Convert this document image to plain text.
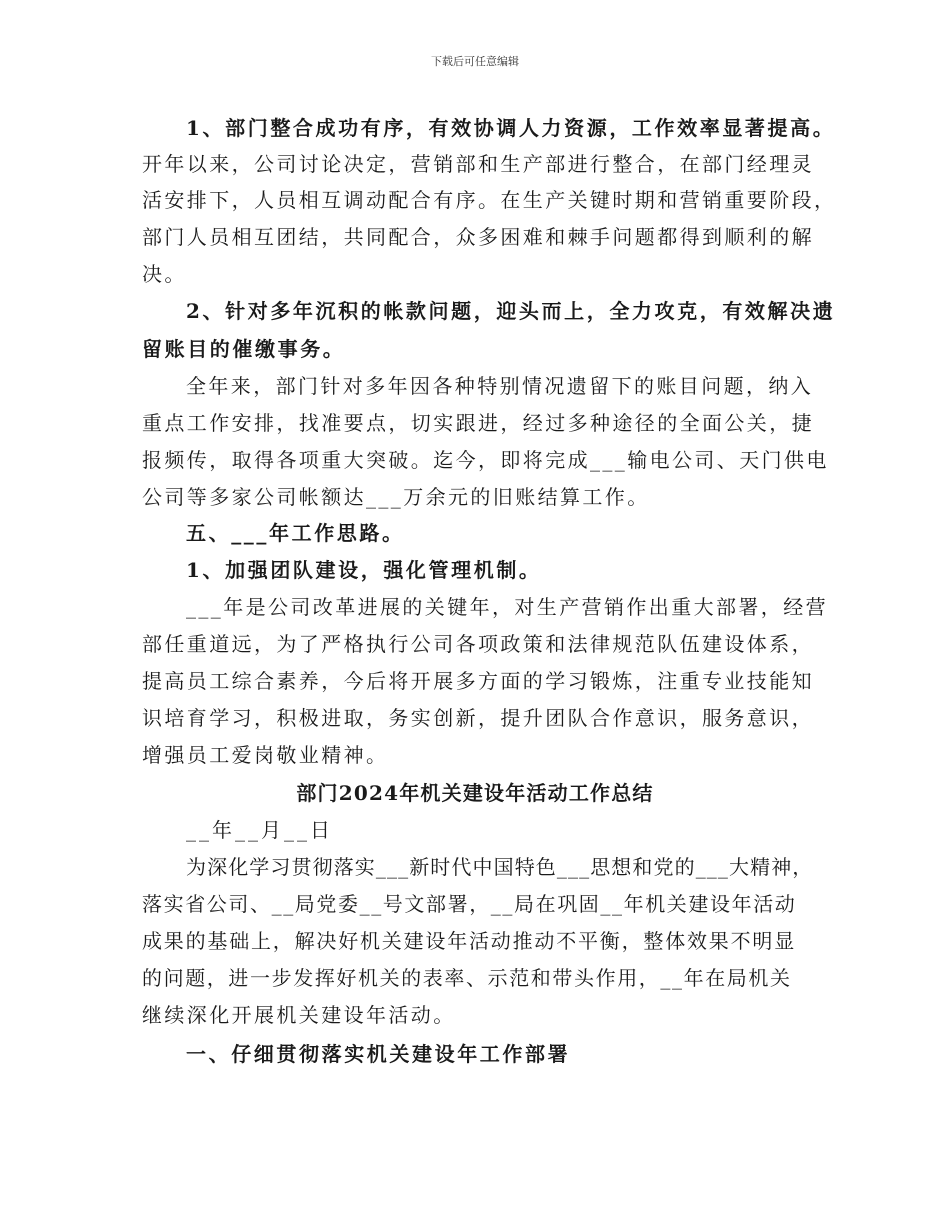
下载后可任意编辑
1、部门整合成功有序，有效协调人力资源，工作效率显著提高。
开年以来，公司讨论决定，营销部和生产部进行整合，在部门经理灵
活安排下，人员相互调动配合有序。在生产关键时期和营销重要阶段，
部门人员相互团结，共同配合，众多困难和棘手问题都得到顺利的解
决。
2、针对多年沉积的帐款问题，迎头而上，全力攻克，有效解决遗
留账目的催缴事务。
全年来，部门针对多年因各种特别情况遗留下的账目问题，纳入
重点工作安排，找准要点，切实跟进，经过多种途径的全面公关，捷
报频传，取得各项重大突破。迄今，即将完成___输电公司、天门供电
公司等多家公司帐额达___万余元的旧账结算工作。
五、___年工作思路。
1、加强团队建设，强化管理机制。
___年是公司改革进展的关键年，对生产营销作出重大部署，经营
部任重道远，为了严格执行公司各项政策和法律规范队伍建设体系，
提高员工综合素养，今后将开展多方面的学习锻炼，注重专业技能知
识培育学习，积极进取，务实创新，提升团队合作意识，服务意识，
增强员工爱岗敬业精神。
部门2024年机关建设年活动工作总结
__年__月__日
为深化学习贯彻落实___新时代中国特色___思想和党的___大精神，
落实省公司、__局党委__号文部署，__局在巩固__年机关建设年活动
成果的基础上，解决好机关建设年活动推动不平衡，整体效果不明显
的问题，进一步发挥好机关的表率、示范和带头作用，__年在局机关
继续深化开展机关建设年活动。
一、仔细贯彻落实机关建设年工作部署
